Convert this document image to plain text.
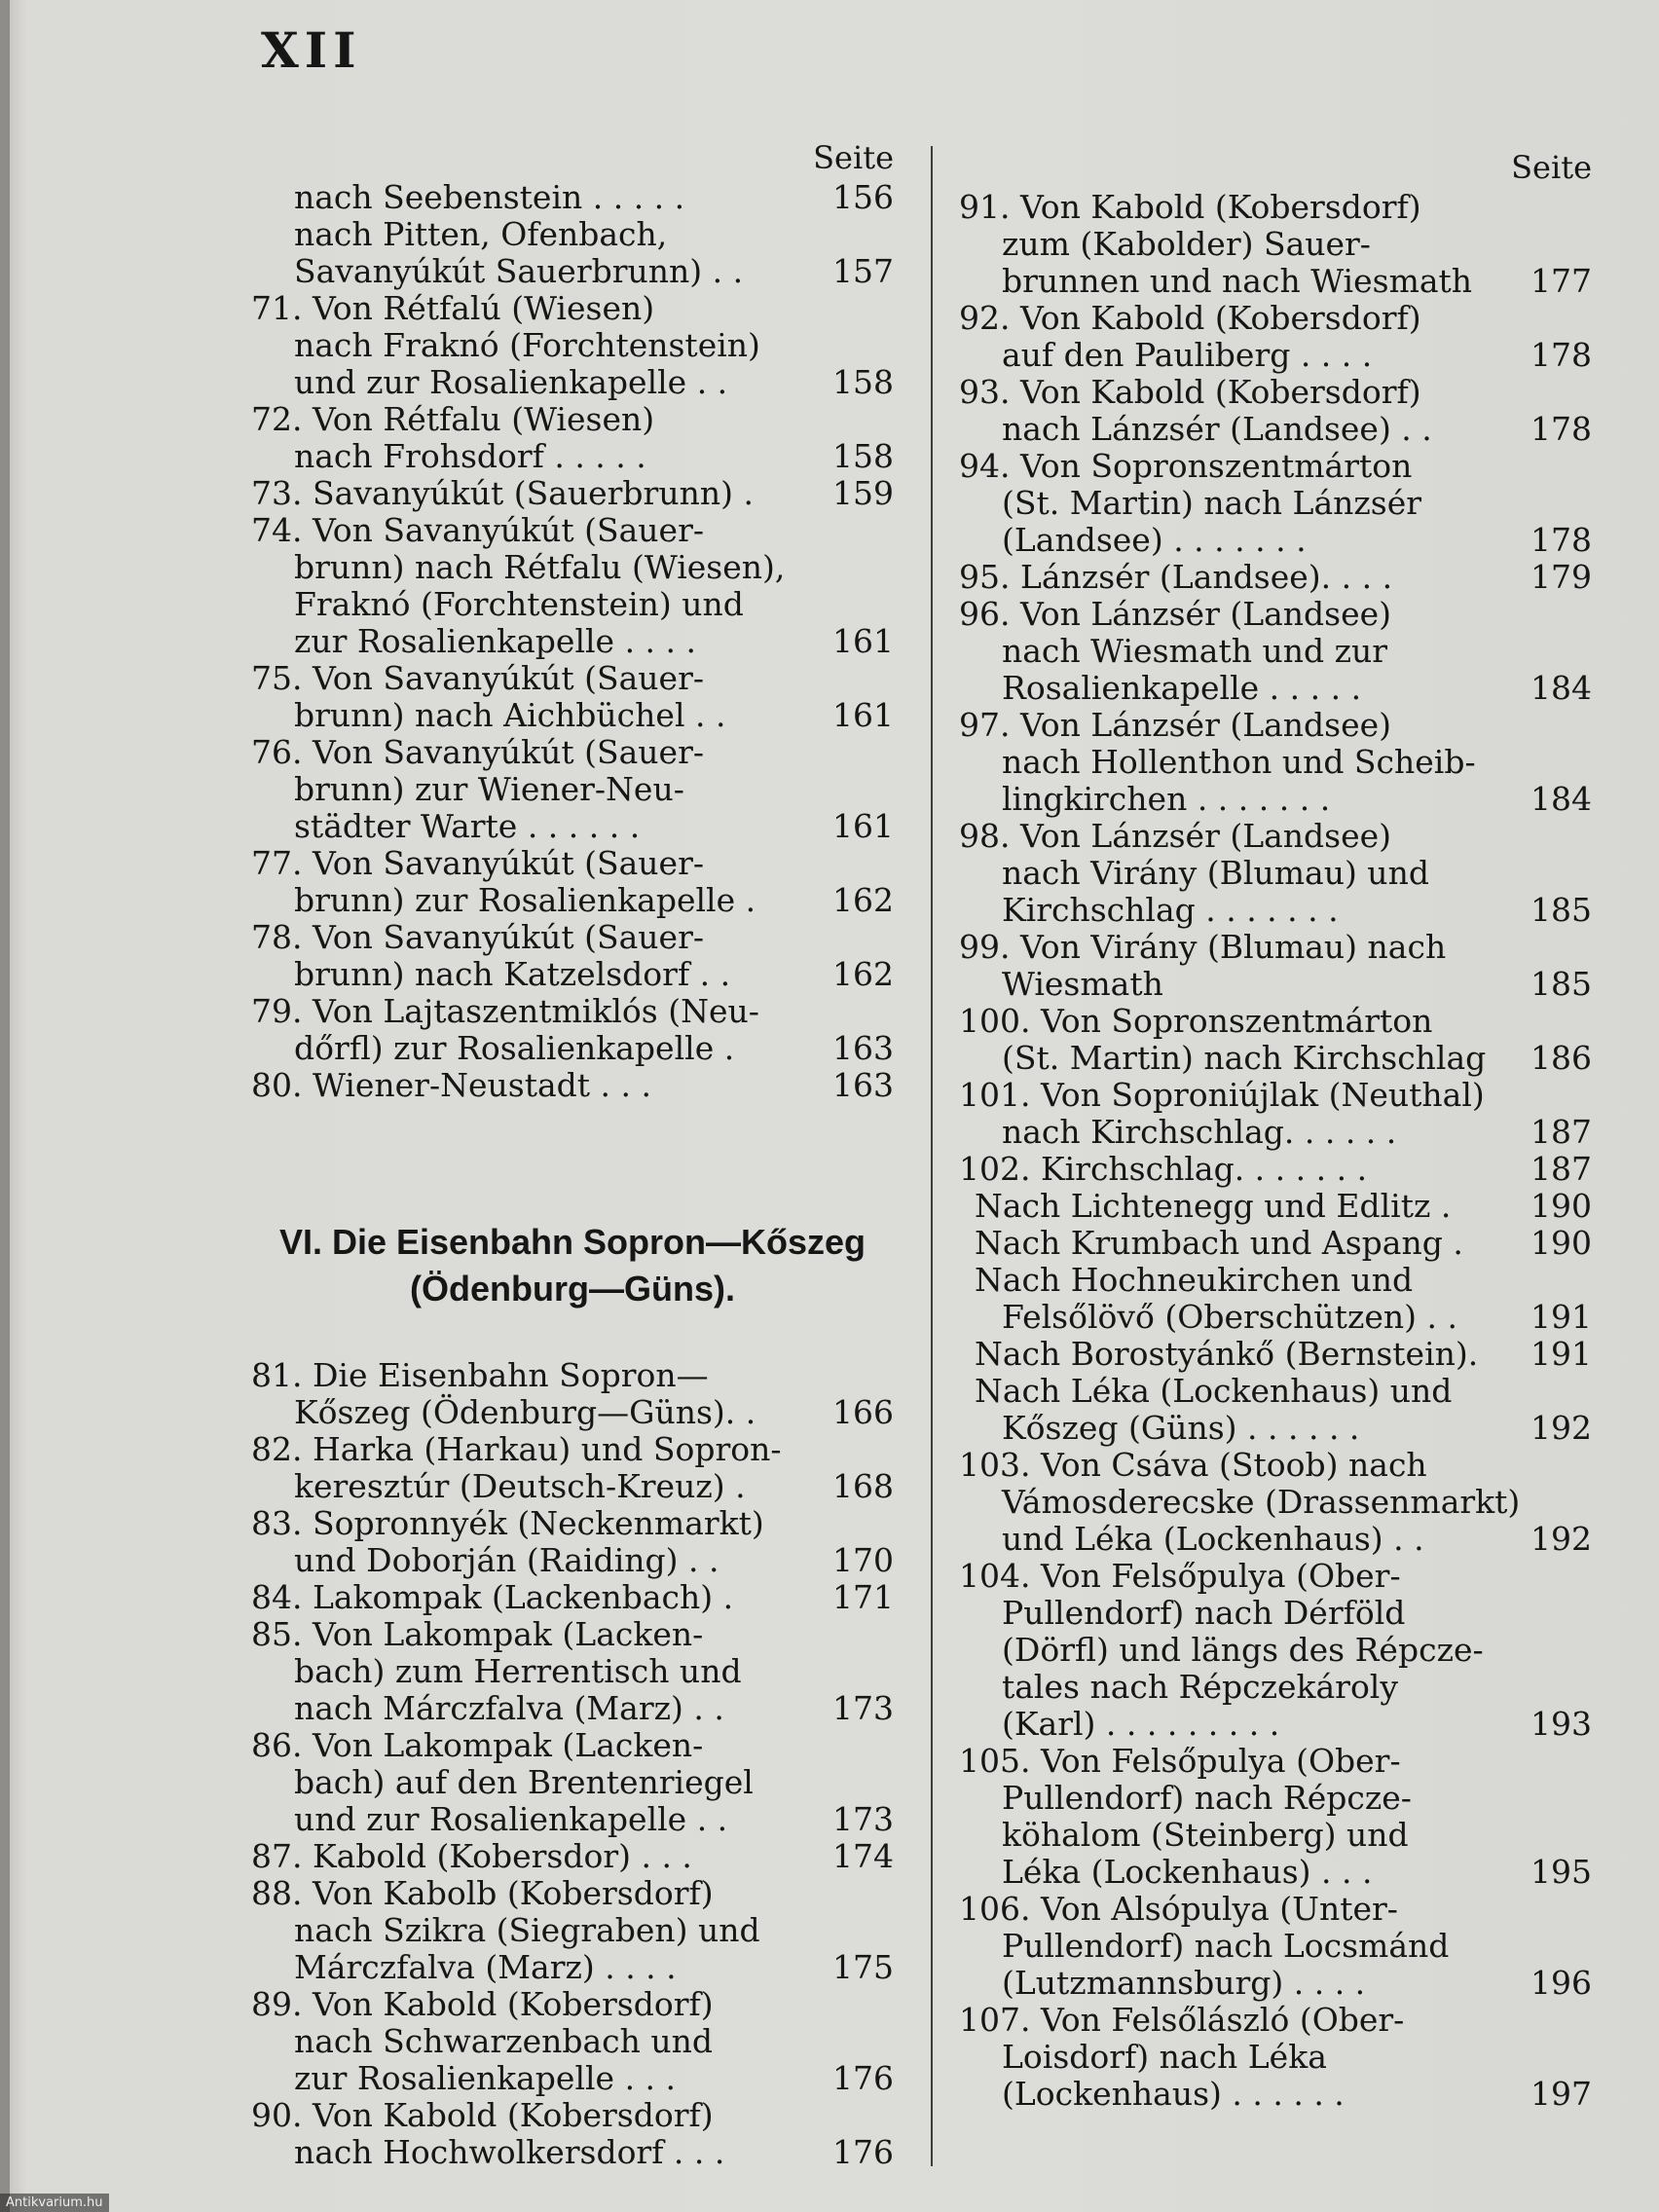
XII
Seite
nach Seebenstein . . . . .	156
nach Pitten, Ofenbach,
Savanyúkút Sauerbrunn) . .	157
71. Von Rétfalú (Wiesen)
nach Fraknó (Forchtenstein)
und zur Rosalienkapelle . .	158
72. Von Rétfalu (Wiesen)
nach Frohsdorf . . . . .	158
73. Savanyúkút (Sauerbrunn) . 159
74. Von Savanyúkút (Sauer-
brunn) nach Rétfalu (Wiesen),
Fraknó (Forchtenstein) und
zur Rosalienkapelle . . . .	161
75. Von Savanyúkút (Sauer-
brunn) nach Aichbüchel . .	161
76. Von Savanyúkút (Sauer-
brunn) zur Wiener-Neu-
städter Warte . . . . . .	161
77. Von Savanyúkút (Sauer-
brunn) zur Rosalienkapelle . 162
78. Von Savanyúkút (Sauer-
brunn) nach Katzelsdorf . .	162
79. Von Lajtaszentmiklós (Neu-
dőrfl) zur Rosalienkapelle .	163
80. Wiener-Neustadt . . .	163
VI. Die Eisenbahn Sopron—Kőszeg
(Ödenburg—Güns).
81. Die Eisenbahn Sopron—
Kőszeg (Ödenburg—Güns). . 166
82. Harka (Harkau) und Sopron-
keresztúr (Deutsch-Kreuz) .	168
83. Sopronnyék (Neckenmarkt)
und Doborján (Raiding) . .	170
84. Lakompak (Lackenbach) .	171
85. Von Lakompak (Lacken-
bach) zum Herrentisch und
nach Márczfalva (Marz) . .	173
86. Von Lakompak (Lacken-
bach) auf den Brentenriegel
und zur Rosalienkapelle . .	173
87. Kabold (Kobersdor) . . .	174
88. Von Kabolb (Kobersdorf)
nach Szikra (Siegraben) und
Márczfalva (Marz) . . . .	175
89. Von Kabold (Kobersdorf)
nach Schwarzenbach und
zur Rosalienkapelle . . .	176
90. Von Kabold (Kobersdorf)
nach Hochwolkersdorf . . .	176
Seite
91. Von Kabold (Kobersdorf)
zum (Kabolder) Sauer-
brunnen und nach Wiesmath 177
92. Von Kabold (Kobersdorf)
auf den Pauliberg . . . .	178
93. Von Kabold (Kobersdorf)
nach Lánzsér (Landsee) . .	178
94. Von Sopronszentmárton
(St. Martin) nach Lánzsér
(Landsee) . . . . . . .	178
95. Lánzsér (Landsee). . . .	179
96. Von Lánzsér (Landsee)
nach Wiesmath und zur
Rosalienkapelle . . . . .	184
97. Von Lánzsér (Landsee)
nach Hollenthon und Scheib-
lingkirchen . . . . . . .	184
98. Von Lánzsér (Landsee)
nach Virány (Blumau) und
Kirchschlag . . . . . . .	185
99. Von Virány (Blumau) nach
Wiesmath	185
100. Von Sopronszentmárton
(St. Martin) nach Kirchschlag 186
101. Von Soproniújlak (Neuthal)
nach Kirchschlag. . . . . .	187
102. Kirchschlag. . . . . . .	187
Nach Lichtenegg und Edlitz . 190
Nach Krumbach und Aspang . 190
Nach Hochneukirchen und
Felsőlövő (Oberschützen) . . 191
Nach Borostyánkő (Bernstein). 191
Nach Léka (Lockenhaus) und
Kőszeg (Güns) . . . . . .	192
103. Von Csáva (Stoob) nach
Vámosderecske (Drassenmarkt)
und Léka (Lockenhaus) . .	192
104. Von Felsőpulya (Ober-
Pullendorf) nach Dérföld
(Dörfl) und längs des Répcze-
tales nach Répczekároly
(Karl) . . . . . . . . .	193
105. Von Felsőpulya (Ober-
Pullendorf) nach Répcze-
köhalom (Steinberg) und
Léka (Lockenhaus) . . .	195
106. Von Alsópulya (Unter-
Pullendorf) nach Locsmánd
(Lutzmannsburg) . . . .	196
107. Von Felsőlászló (Ober-
Loisdorf) nach Léka
(Lockenhaus) . . . . . .	197
Antikvarium.hu
